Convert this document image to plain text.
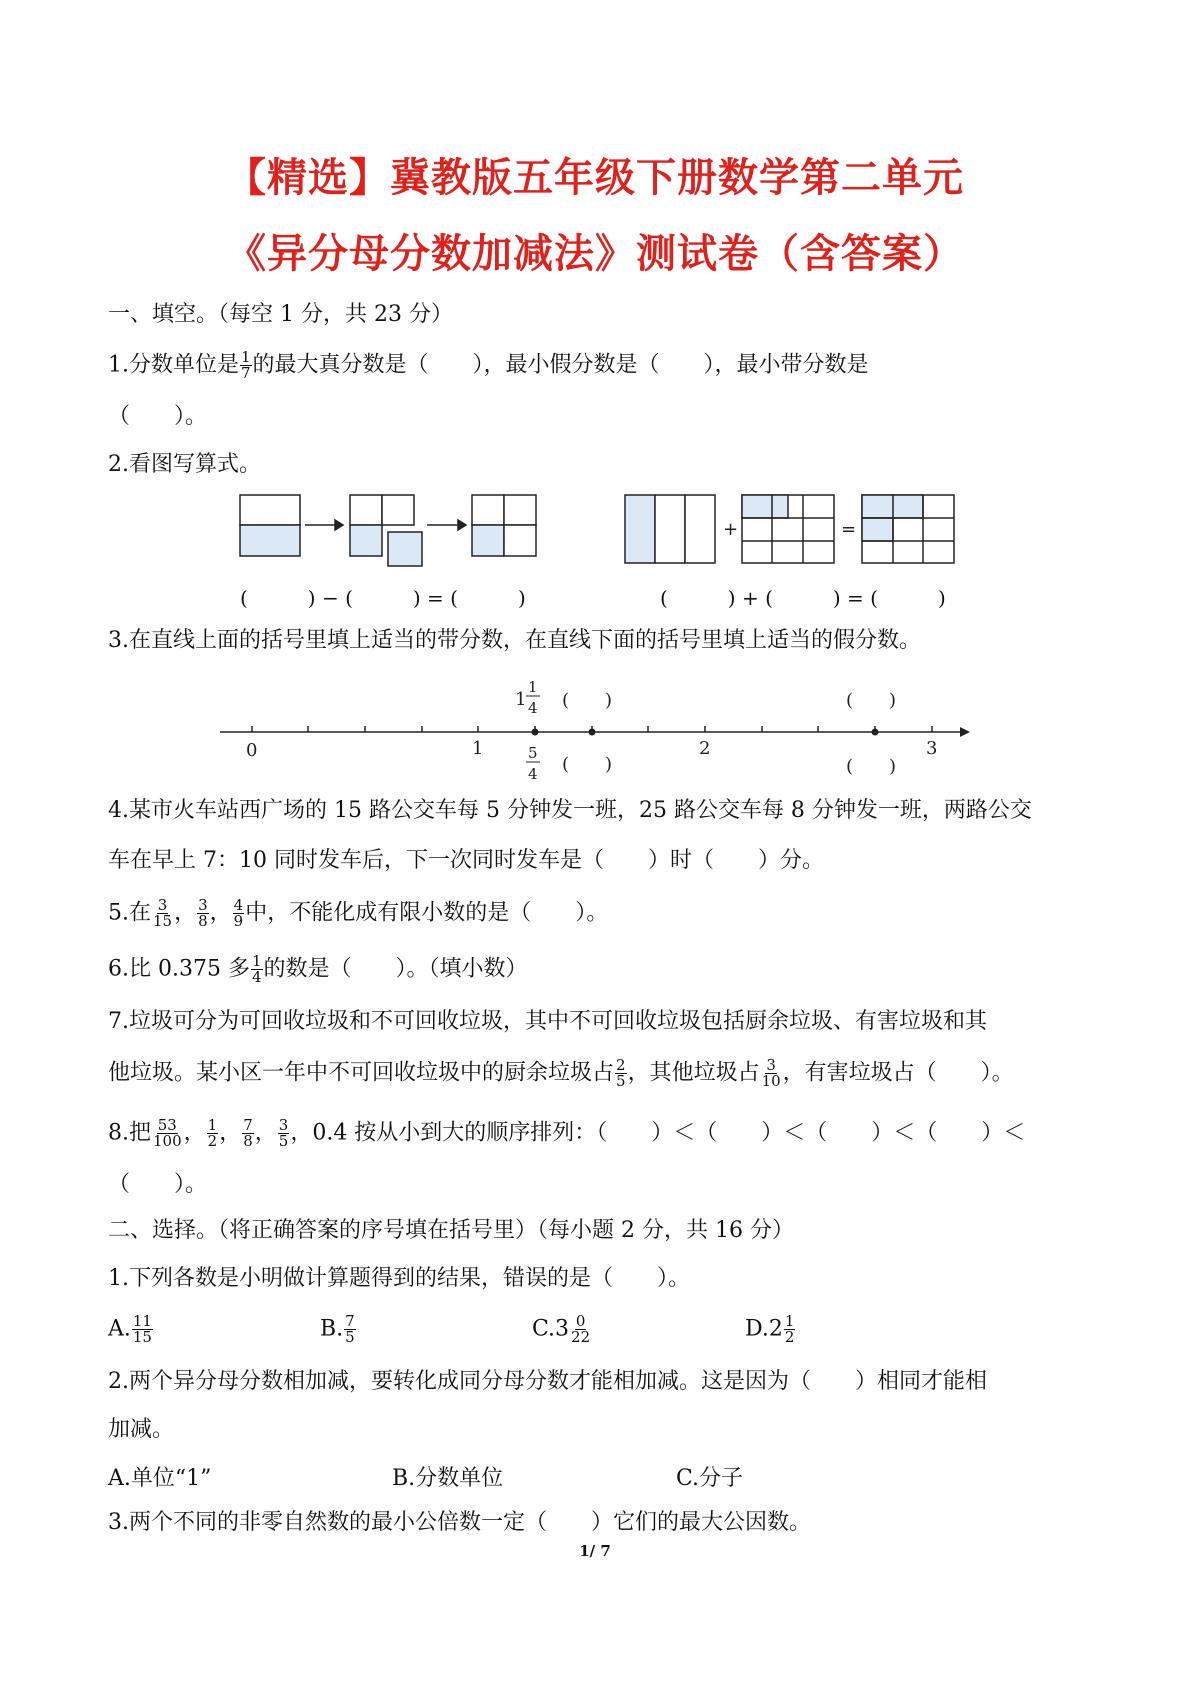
【精选】冀教版五年级下册数学第二单元
《异分母分数加减法》测试卷（含答案）
一、填空。（每空 1 分，共 23 分）
1.分数单位是 $\frac{1}{7}$ 的最大真分数是（　　），最小假分数是（　　），最小带分数是
（　　）。
2.看图写算式。
+	=
(　　　) − (　　　) = (　　　)	(　　　) + (　　　) = (　　　)
3.在直线上面的括号里填上适当的带分数，在直线下面的括号里填上适当的假分数。
0	1	2	3
1
1
4 (　　)	(　　)
5
4 (　　)	(　　)
4.某市火车站西广场的 15 路公交车每 5 分钟发一班，25 路公交车每 8 分钟发一班，两路公交
车在早上 7：10 同时发车后，下一次同时发车是（　　）时（　　）分。
5.在 $\frac{3}{15}$ ， $\frac{3}{8}$ ， $\frac{4}{9}$ 中，不能化成有限小数的是（　　）。
6.比 0.375 多 $\frac{1}{4}$ 的数是（　　）。（填小数）
7.垃圾可分为可回收垃圾和不可回收垃圾，其中不可回收垃圾包括厨余垃圾、有害垃圾和其
他垃圾。某小区一年中不可回收垃圾中的厨余垃圾占 $\frac{2}{5}$ ，其他垃圾占 $\frac{3}{10}$ ，有害垃圾占（　　）。
8.把 $\frac{53}{100}$ ， $\frac{1}{2}$ ， $\frac{7}{8}$ ， $\frac{3}{5}$ ，0.4 按从小到大的顺序排列：（　　）＜（　　）＜（　　）＜（　　）＜
（　　）。
二、选择。（将正确答案的序号填在括号里）（每小题 2 分，共 16 分）
1.下列各数是小明做计算题得到的结果，错误的是（　　）。
A. $\frac{11}{15}$	B. $\frac{7}{5}$	$C.3 \frac{0}{22}$	$D.2 \frac{1}{2}$
2.两个异分母分数相加减，要转化成同分母分数才能相加减。这是因为（　　）相同才能相
加减。
A.单位“1”	B.分数单位	C.分子
3.两个不同的非零自然数的最小公倍数一定（　　）它们的最大公因数。
1/ 7
